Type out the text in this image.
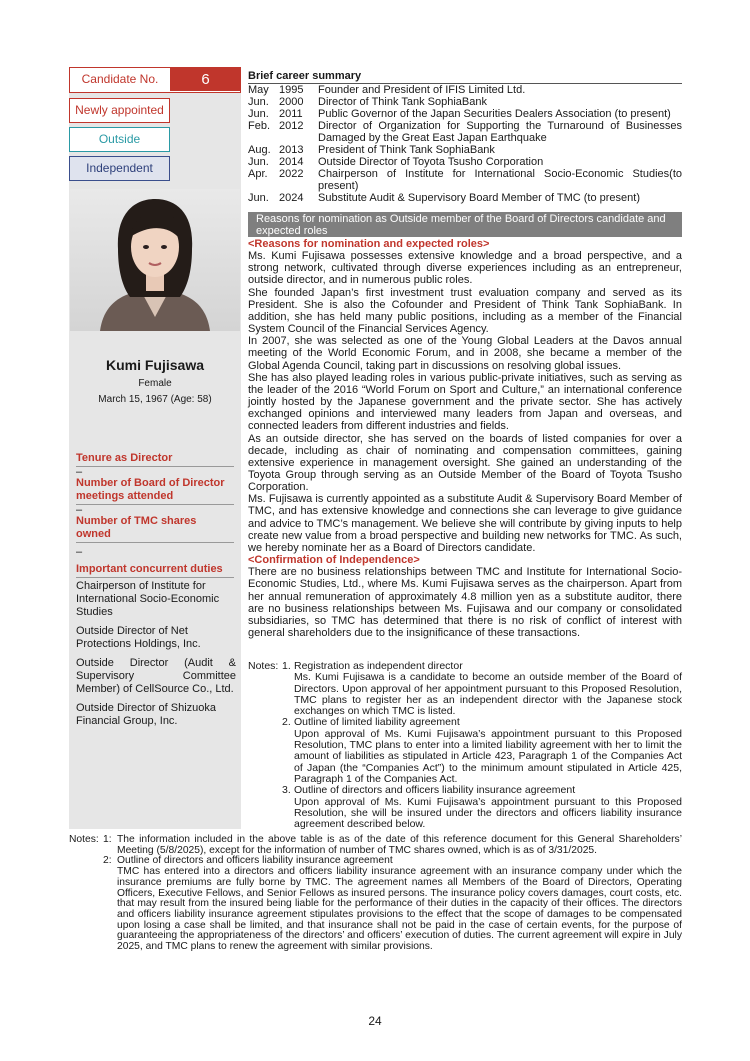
Candidate No.	6
Newly appointed
Outside
Independent
Kumi Fujisawa
Female
March 15, 1967 (Age: 58)
Tenure as Director
–
Number of Board of Director meetings attended
–
Number of TMC shares owned
–
Important concurrent duties
Chairperson of Institute for International Socio-Economic Studies
Outside Director of Net Protections Holdings, Inc.
Outside Director (Audit & Supervisory Committee Member) of CellSource Co., Ltd.
Outside Director of Shizuoka Financial Group, Inc.
Brief career summary
May 1995	Founder and President of IFIS Limited Ltd.
Jun. 2000	Director of Think Tank SophiaBank
Jun. 2011	Public Governor of the Japan Securities Dealers Association (to present)
Feb. 2012	Director of Organization for Supporting the Turnaround of Businesses Damaged by the Great East Japan Earthquake
Aug. 2013	President of Think Tank SophiaBank
Jun. 2014	Outside Director of Toyota Tsusho Corporation
Apr.	2022	Chairperson of Institute for International Socio-Economic Studies(to present)
Jun. 2024	Substitute Audit & Supervisory Board Member of TMC (to present)
Reasons for nomination as Outside member of the Board of Directors candidate and expected roles
<Reasons for nomination and expected roles>

Ms. Kumi Fujisawa possesses extensive knowledge and a broad perspective, and a strong network, cultivated through diverse experiences including as an entrepreneur, outside director, and in numerous public roles.

She founded Japan’s first investment trust evaluation company and served as its President. She is also the Cofounder and President of Think Tank SophiaBank. In addition, she has held many public positions, including as a member of the Financial System Council of the Financial Services Agency.

In 2007, she was selected as one of the Young Global Leaders at the Davos annual meeting of the World Economic Forum, and in 2008, she became a member of the Global Agenda Council, taking part in discussions on resolving global issues.

She has also played leading roles in various public-private initiatives, such as serving as the leader of the 2016 “World Forum on Sport and Culture,” an international conference jointly hosted by the Japanese government and the private sector. She has actively exchanged opinions and interviewed many leaders from Japan and overseas, and connected leaders from different industries and fields.

As an outside director, she has served on the boards of listed companies for over a decade, including as chair of nominating and compensation committees, gaining extensive experience in management oversight. She gained an understanding of the Toyota Group through serving as an Outside Member of the Board of Toyota Tsusho Corporation.

Ms. Fujisawa is currently appointed as a substitute Audit & Supervisory Board Member of TMC, and has extensive knowledge and connections she can leverage to give guidance and advice to TMC’s management. We believe she will contribute by giving inputs to help create new value from a broad perspective and building new networks for TMC. As such, we hereby nominate her as a Board of Directors candidate.

<Confirmation of Independence>

There are no business relationships between TMC and Institute for International Socio-Economic Studies, Ltd., where Ms. Kumi Fujisawa serves as the chairperson. Apart from her annual remuneration of approximately 4.8 million yen as a substitute auditor, there are no business relationships between Ms. Fujisawa and our company or consolidated subsidiaries, so TMC has determined that there is no risk of conflict of interest with general shareholders due to the insignificance of these transactions.

Notes: 1. Registration as independent director
Ms. Kumi Fujisawa is a candidate to become an outside member of the Board of Directors. Upon approval of her appointment pursuant to this Proposed Resolution, TMC plans to register her as an independent director with the Japanese stock exchanges on which TMC is listed.
2. Outline of limited liability agreement
Upon approval of Ms. Kumi Fujisawa’s appointment pursuant to this Proposed Resolution, TMC plans to enter into a limited liability agreement with her to limit the amount of liabilities as stipulated in Article 423, Paragraph 1 of the Companies Act of Japan (the “Companies Act”) to the minimum amount stipulated in Article 425, Paragraph 1 of the Companies Act.
3. Outline of directors and officers liability insurance agreement
Upon approval of Ms. Kumi Fujisawa’s appointment pursuant to this Proposed Resolution, she will be insured under the directors and officers liability insurance agreement described below.
Notes: 1: The information included in the above table is as of the date of this reference document for this General Shareholders’ Meeting (5/8/2025), except for the information of number of TMC shares owned, which is as of 3/31/2025.
2: Outline of directors and officers liability insurance agreement
TMC has entered into a directors and officers liability insurance agreement with an insurance company under which the insurance premiums are fully borne by TMC. The agreement names all Members of the Board of Directors, Operating Officers, Executive Fellows, and Senior Fellows as insured persons. The insurance policy covers damages, court costs, etc. that may result from the insured being liable for the performance of their duties in the capacity of their offices. The directors and officers liability insurance agreement stipulates provisions to the effect that the scope of damages to be compensated upon losing a case shall be limited, and that insurance shall not be paid in the case of certain events, for the purpose of guaranteeing the appropriateness of the directors’ and officers’ execution of duties. The current agreement will expire in July 2025, and TMC plans to renew the agreement with similar provisions.
24
